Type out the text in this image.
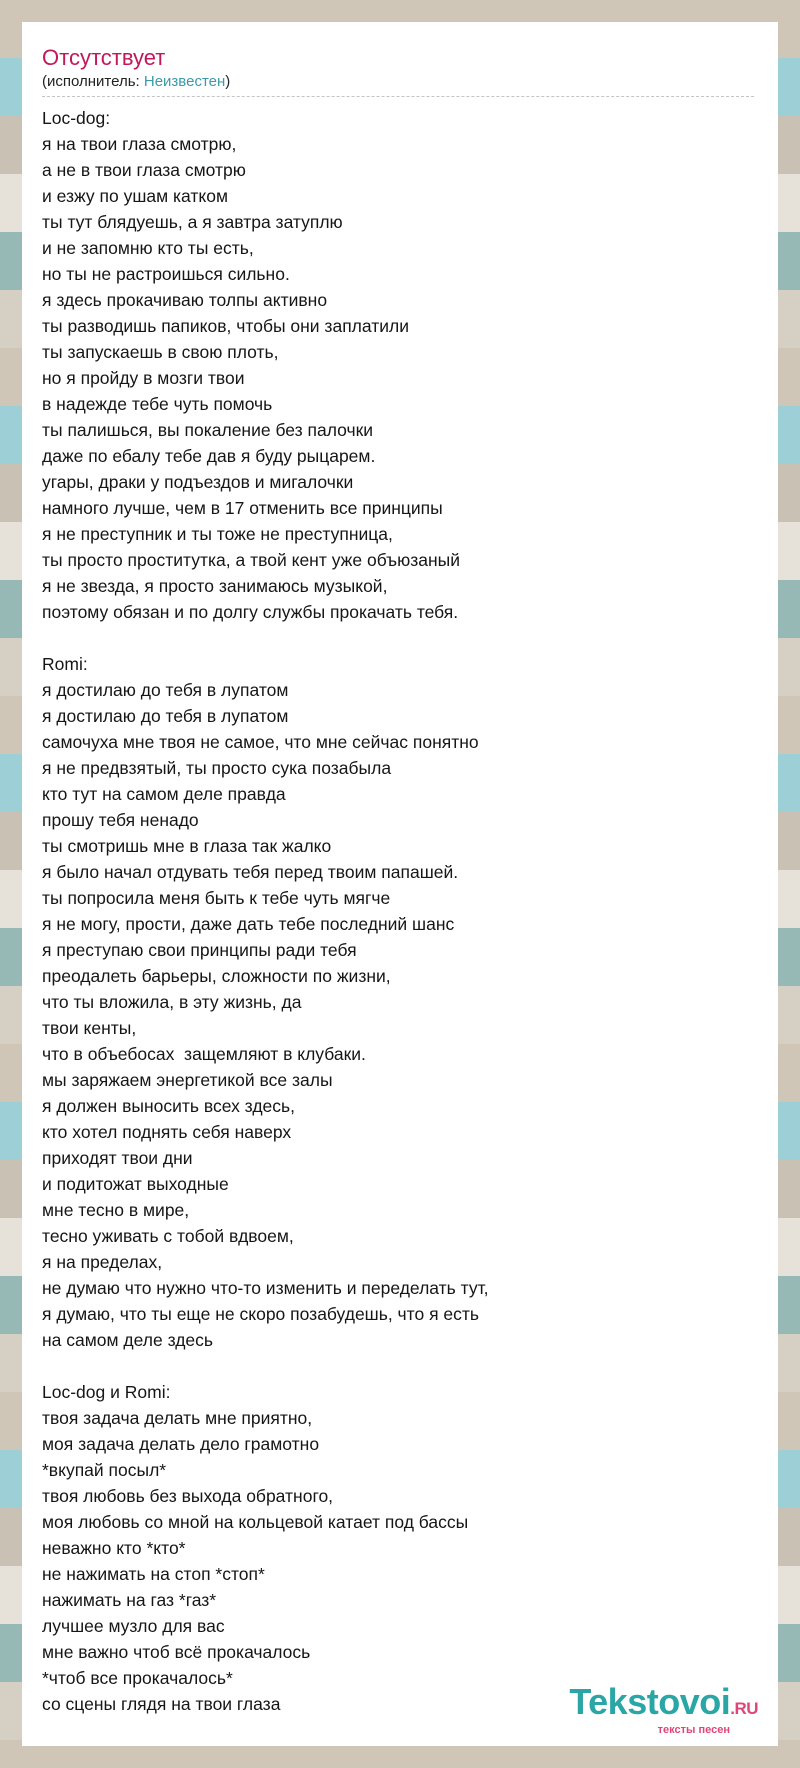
Отсутствует
(исполнитель: Неизвестен)
Loc-dog:
я на твои глаза смотрю,
а не в твои глаза смотрю
и езжу по ушам катком
ты тут блядуешь, а я завтра затуплю
и не запомню кто ты есть,
но ты не растроишься сильно.
я здесь прокачиваю толпы активно
ты разводишь папиков, чтобы они заплатили
ты запускаешь в свою плоть,
но я пройду в мозги твои
в надежде тебе чуть помочь
ты палишься, вы покаление без палочки
даже по ебалу тебе дав я буду рыцарем.
угары, драки у подъездов и мигалочки
намного лучше, чем в 17 отменить все принципы
я не преступник и ты тоже не преступница,
ты просто проститутка, а твой кент уже объюзаный
я не звезда, я просто занимаюсь музыкой,
поэтому обязан и по долгу службы прокачать тебя.
Romi:
я достилаю до тебя в лупатом
я достилаю до тебя в лупатом
самочуха мне твоя не самое, что мне сейчас понятно
я не предвзятый, ты просто сука позабыла
кто тут на самом деле правда
прошу тебя ненадо
ты смотришь мне в глаза так жалко
я было начал отдувать тебя перед твоим папашей.
ты попросила меня быть к тебе чуть мягче
я не могу, прости, даже дать тебе последний шанс
я преступаю свои принципы ради тебя
преодалеть барьеры, сложности по жизни,
что ты вложила, в эту жизнь, да
твои кенты,
что в объебосах  защемляют в клубаки.
мы заряжаем энергетикой все залы
я должен выносить всех здесь,
кто хотел поднять себя наверх
приходят твои дни
и подитожат выходные
мне тесно в мире,
тесно уживать с тобой вдвоем,
я на пределах,
не думаю что нужно что-то изменить и переделать тут,
я думаю, что ты еще не скоро позабудешь, что я есть
на самом деле здесь
Loc-dog и Romi:
твоя задача делать мне приятно,
моя задача делать дело грамотно
*вкупай посыл*
твоя любовь без выхода обратного,
моя любовь со мной на кольцевой катает под бассы
неважно кто *кто*
не нажимать на стоп *стоп*
нажимать на газ *газ*
лучшее музло для вас
мне важно чтоб всё прокачалось
*чтоб все прокачалось*
со сцены глядя на твои глаза	Tekstovoi.RU
тексты песен
